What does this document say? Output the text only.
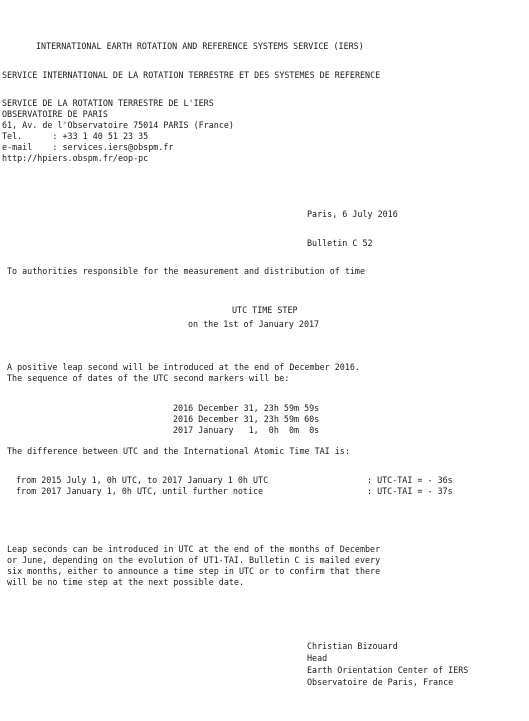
INTERNATIONAL EARTH ROTATION AND REFERENCE SYSTEMS SERVICE (IERS)
SERVICE INTERNATIONAL DE LA ROTATION TERRESTRE ET DES SYSTEMES DE REFERENCE
SERVICE DE LA ROTATION TERRESTRE DE L'IERS
OBSERVATOIRE DE PARIS
61, Av. de l'Observatoire 75014 PARIS (France)
Tel.      : +33 1 40 51 23 35
e-mail    : services.iers@obspm.fr
http://hpiers.obspm.fr/eop-pc
Paris, 6 July 2016
Bulletin C 52
To authorities responsible for the measurement and distribution of time
UTC TIME STEP
on the 1st of January 2017
A positive leap second will be introduced at the end of December 2016.
The sequence of dates of the UTC second markers will be:
2016 December 31, 23h 59m 59s
2016 December 31, 23h 59m 60s
2017 January   1,  0h  0m  0s
The difference between UTC and the International Atomic Time TAI is:
from 2015 July 1, 0h UTC, to 2017 January 1 0h UTC	: UTC-TAI = - 36s
from 2017 January 1, 0h UTC, until further notice	: UTC-TAI = - 37s
Leap seconds can be introduced in UTC at the end of the months of December
or June, depending on the evolution of UT1-TAI. Bulletin C is mailed every
six months, either to announce a time step in UTC or to confirm that there
will be no time step at the next possible date.
Christian Bizouard
Head
Earth Orientation Center of IERS
Observatoire de Paris, France
